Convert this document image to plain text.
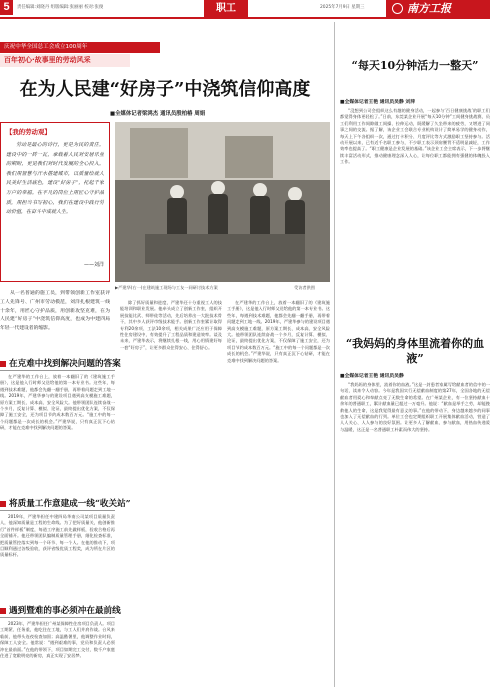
5	责任编辑:刘晓丹 组版编辑:张丽丽 校对:张俊	职工	2025年7月9日 星期三	南方工报
庆祝中华全国总工会成立100周年
百年初心·故事里的劳动风采
在为人民建“好房子”中浇筑信仰高度
■全媒体记者梁鸿杰 通讯员殷柏椿 周娟
【我的劳动观】
劳动是最心的诗行，更是为民的责任。建设中的一砖一瓦，承载着人民对安居乐业的期盼，更见我们对时代发展的全心投入。我们用智慧与汗水搭建城市，以质量绘就人民美好生活底色，建设“好房子”，托起千家万户的幸福。在平凡的岗位上用匠心守护品质，用担当书写初心，我们在建设中践行劳动价值，在奋斗中成就人生。
——刘洋
从一名普通的施工员，到带领创新工作室获评工人先锋号、广州市劳动模范，刘洋扎根建筑一线十余年，用匠心守护品质，用创新攻坚克难，在为人民建“好房子”中浇筑信仰高度，也成为中建四局年轻一代建设者的缩影。
▶严建华(右一)在建筑施工现场与工友一同研讨技术方案	受访者供图
在克难中找到解决问题的答案
在严建华的工作台上，放着一本翻旧了的《建筑施工手册》，这是他入行时师父送给他的第一本专业书。这些年，每遇到技术难题，他都会先翻一翻手册，再带着问题走到工地一线。2019年，严建华参与的建设项目遇到高支模施工难题，原方案工期长、成本高、安全风险大。他带领团队连续奋战一个多月，反复计算、模拟、论证，最终提出优化方案，不仅保障了施工安全，还为项目节约成本数百万元。“施工中的每一个问题都是一次成长的机会。”严建华说，只有真正沉下心钻研，才能在克难中找到解决问题的答案。
将质量工作意建成一线“收关站”
2019年，严建华担任中建四局华南公司某项目质量负责人，他深知质量是工程的生命线。为了把好质量关，他创新推行“首件样板”制度，每道工序施工前先做样板，验收合格后再全面铺开。他还带领团队编制质量管理手册，细化检查标准，把质量管控落实到每一个环节、每一个人。在他的推动下，项目顺利通过各级验收，获评省级优质工程奖，成为所在片区的质量标杆。
遇到暨难的事必须冲在最前线
2023年，严建华担任广州某保障性住房项目负责人。项目工期紧、任务重，他吃住在工地，与工人们并肩作战。台风来临前，他带头连夜检查加固；高温酷暑里，他调整作业时间，保障工人安全。他常说：“遇到艰难的事，党员和负责人必须冲在最前面。”在他的带领下，项目如期完工交付，数千户家庭住进了宽敞明亮的新房，真正实现了安居梦。
除了抓好质量和进度，严建华还十分重视工人的技能培训和职业发展。他牵头成立了创新工作室，组织开展技能比武、师带徒等活动，先后培养出一大批技术骨干，其中多人获评市级技术能手。创新工作室累计取得专利20余项、工法10余项，相关成果广泛应用于保障性住房建设中，有效提升了工程品质和建造效率。谈及未来，严建华表示，将继续扎根一线，用心用情建好每一套“好房子”，让更多群众住得安心、住得舒心。
在严建华的工作台上，放着一本翻旧了的《建筑施工手册》，这是他入行时师父送给他的第一本专业书。这些年，每遇到技术难题，他都会先翻一翻手册，再带着问题走到工地一线。2019年，严建华参与的建设项目遇到高支模施工难题，原方案工期长、成本高、安全风险大。他带领团队连续奋战一个多月，反复计算、模拟、论证，最终提出优化方案，不仅保障了施工安全，还为项目节约成本数百万元。“施工中的每一个问题都是一次成长的机会。”严建华说，只有真正沉下心钻研，才能在克难中找到解决问题的答案。
“每天10分钟活力一整天”
■全媒体记者王艳 通讯员吴静 刘萍
“没想到公司会组织这么有趣的健身活动，一起参与‘百日健康挑战’的职工们都觉得身体更轻松了。”日前，东莞某企业开展“每天10分钟”工间健身挑战赛，员工们利用工作间隙做工间操、拉伸运动，既缓解了久坐带来的疲劳，又增进了同事之间的交流。据了解，该企业工会联合专业机构设计了简单易学的健身动作，每天上下午各组织一次，通过打卡积分、月度评比等方式激励职工坚持参与。活动开展以来，已有近千名职工参与，不少职工表示颈肩腰背不适明显减轻，工作效率也提高了。“职工健康是企业发展的基础。”该企业工会主席表示，下一步将继续丰富活动形式，推动健康理念深入人心，让每位职工都能拥有强健的体魄投入工作。
“我妈妈的身体里流着你的血液”
■全媒体记者王艳 通讯员吴静
“我妈妈的身体里，流着你的血液。”这是一封患者家属写给献血者的信中的一句话，读来令人动容。今年是我国实行无偿献血制度的第27年，全国各地的无偿献血者用爱心和奉献点亮了无数生命的希望。在广州某企业，有一位坚持献血十余年的普通职工，累计献血量已超过一万毫升。他说：“献血是举手之劳，却能挽救他人的生命，这是我觉得最有意义的事。”在他的带动下，身边越来越多的同事也加入了无偿献血的行列。单位工会也定期组织职工开展集体献血活动，营造了人人关心、人人参与的良好氛围。让更多人了解献血、参与献血，用热血传递爱与温暖，这正是一名普通职工朴素而伟大的坚持。
